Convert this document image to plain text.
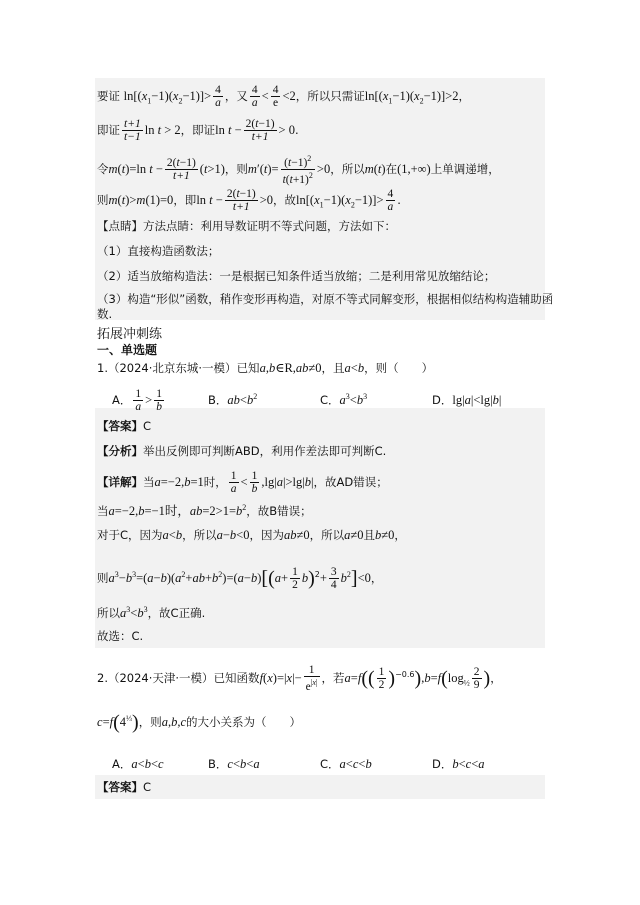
要证 $\ln[(x_1-1)(x_2-1)]> \frac{4}{a}$ ，又 $\frac{4}{a} < \frac{4}{e} <2$，所以只需证$\ln[(x_1-1)(x_2-1)]>2$，
即证 $\frac{t+1}{t-1}$ ln t > 2，即证$\ln t - \frac{2(t-1)}{t+1} > 0$.
令m(t)=ln $t - \frac{2(t-1)}{t+1} (t>1)$，则$m'(t)= \frac{(t-1)^2}{t(t+1)^2} >0$，所以m(t)在(1,+∞)上单调递增，
则m(t)>m(1)=0，即$\ln t - \frac{2(t-1)}{t+1} >0$，故$\ln[(x_1-1)(x_2-1)]> \frac{4}{a}$ .
【点睛】方法点睛：利用导数证明不等式问题，方法如下：
（1）直接构造函数法；
（2）适当放缩构造法：一是根据已知条件适当放缩；二是利用常见放缩结论；
（3）构造“形似”函数，稍作变形再构造，对原不等式同解变形，根据相似结构构造辅助函
数.
拓展冲刺练
一、单选题
1.（2024·北京东城·一模）已知a,b∈R,ab≠0，且a<b，则（　　）
A． $\frac{1}{a} > \frac{1}{b}$	B．$ab<b^2$	C．$a^3<b^3$	D．lg|a|<lg|b|
【答案】C
【分析】举出反例即可判断ABD，利用作差法即可判断C.
【详解】当a=−2,b=1时， $\frac{1}{a} < \frac{1}{b} ,\lg|a|>\lg|b|$，故AD错误；
当a=−2,b=−1时，$ab=2>1=b^2$，故B错误；
对于C，因为a<b，所以a−b<0，因为ab≠0，所以a≠0且b≠0，
则$a^3-b^3=(a-b)(a^2+ab+b^2)=(a-b)[(a+ \frac{1}{2} b)^2+ \frac{3}{4} b^2]<0$，
所以$a^3<b^3$，故C正确.
故选：C.
2.（2024·天津·一模）已知函数$f(x)=|x|- \frac{1}{e^{|x|}}$ ，若$a=f(( \frac{1}{2} )^{-0.6}),b=f(\log_{\frac{1}{2}} \frac{2}{9}$ )，
$c=f(4^{\frac{1}{3}})$，则a,b,c的大小关系为（　　）
A．a<b<c	B．c<b<a	C．a<c<b	D．b<c<a
【答案】C
